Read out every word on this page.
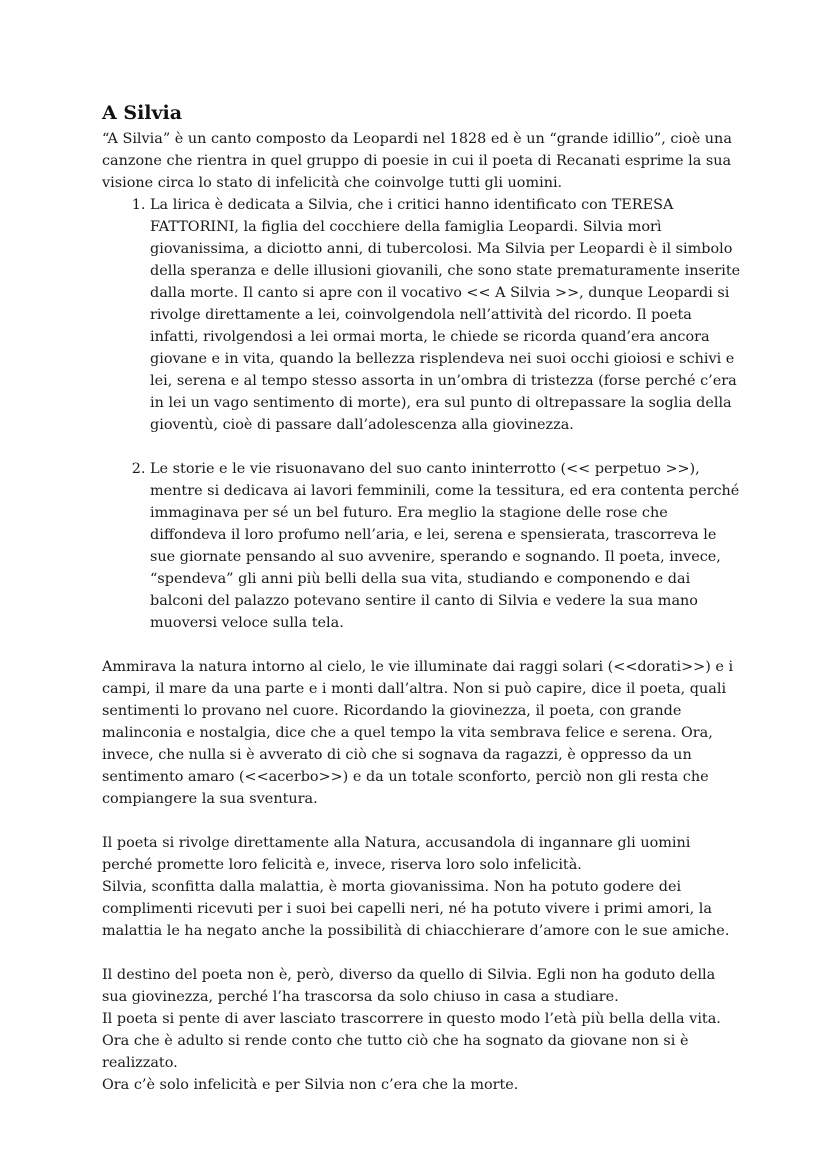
A Silvia

“A Silvia” è un canto composto da Leopardi nel 1828 ed è un “grande idillio”, cioè una canzone che rientra in quel gruppo di poesie in cui il poeta di Recanati esprime la sua visione circa lo stato di infelicità che coinvolge tutti gli uomini.

1. La lirica è dedicata a Silvia, che i critici hanno identificato con TERESA FATTORINI, la figlia del cocchiere della famiglia Leopardi. Silvia morì giovanissima, a diciotto anni, di tubercolosi. Ma Silvia per Leopardi è il simbolo della speranza e delle illusioni giovanili, che sono state prematuramente inserite dalla morte. Il canto si apre con il vocativo << A Silvia >>, dunque Leopardi si rivolge direttamente a lei, coinvolgendola nell’attività del ricordo. Il poeta infatti, rivolgendosi a lei ormai morta, le chiede se ricorda quand’era ancora giovane e in vita, quando la bellezza risplendeva nei suoi occhi gioiosi e schivi e lei, serena e al tempo stesso assorta in un’ombra di tristezza (forse perché c’era in lei un vago sentimento di morte), era sul punto di oltrepassare la soglia della gioventù, cioè di passare dall’adolescenza alla giovinezza.
2. Le storie e le vie risuonavano del suo canto ininterrotto (<< perpetuo >>), mentre si dedicava ai lavori femminili, come la tessitura, ed era contenta perché immaginava per sé un bel futuro. Era meglio la stagione delle rose che diffondeva il loro profumo nell’aria, e lei, serena e spensierata, trascorreva le sue giornate pensando al suo avvenire, sperando e sognando. Il poeta, invece, “spendeva” gli anni più belli della sua vita, studiando e componendo e dai balconi del palazzo potevano sentire il canto di Silvia e vedere la sua mano muoversi veloce sulla tela.

Ammirava la natura intorno al cielo, le vie illuminate dai raggi solari (<<dorati>>) e i campi, il mare da una parte e i monti dall’altra. Non si può capire, dice il poeta, quali sentimenti lo provano nel cuore. Ricordando la giovinezza, il poeta, con grande malinconia e nostalgia, dice che a quel tempo la vita sembrava felice e serena. Ora, invece, che nulla si è avverato di ciò che si sognava da ragazzi, è oppresso da un sentimento amaro (<<acerbo>>) e da un totale sconforto, perciò non gli resta che compiangere la sua sventura.

Il poeta si rivolge direttamente alla Natura, accusandola di ingannare gli uomini perché promette loro felicità e, invece, riserva loro solo infelicità.

Silvia, sconfitta dalla malattia, è morta giovanissima. Non ha potuto godere dei complimenti ricevuti per i suoi bei capelli neri, né ha potuto vivere i primi amori, la malattia le ha negato anche la possibilità di chiacchierare d’amore con le sue amiche.

Il destino del poeta non è, però, diverso da quello di Silvia. Egli non ha goduto della sua giovinezza, perché l’ha trascorsa da solo chiuso in casa a studiare.

Il poeta si pente di aver lasciato trascorrere in questo modo l’età più bella della vita.

Ora che è adulto si rende conto che tutto ciò che ha sognato da giovane non si è realizzato.

Ora c’è solo infelicità e per Silvia non c’era che la morte.
